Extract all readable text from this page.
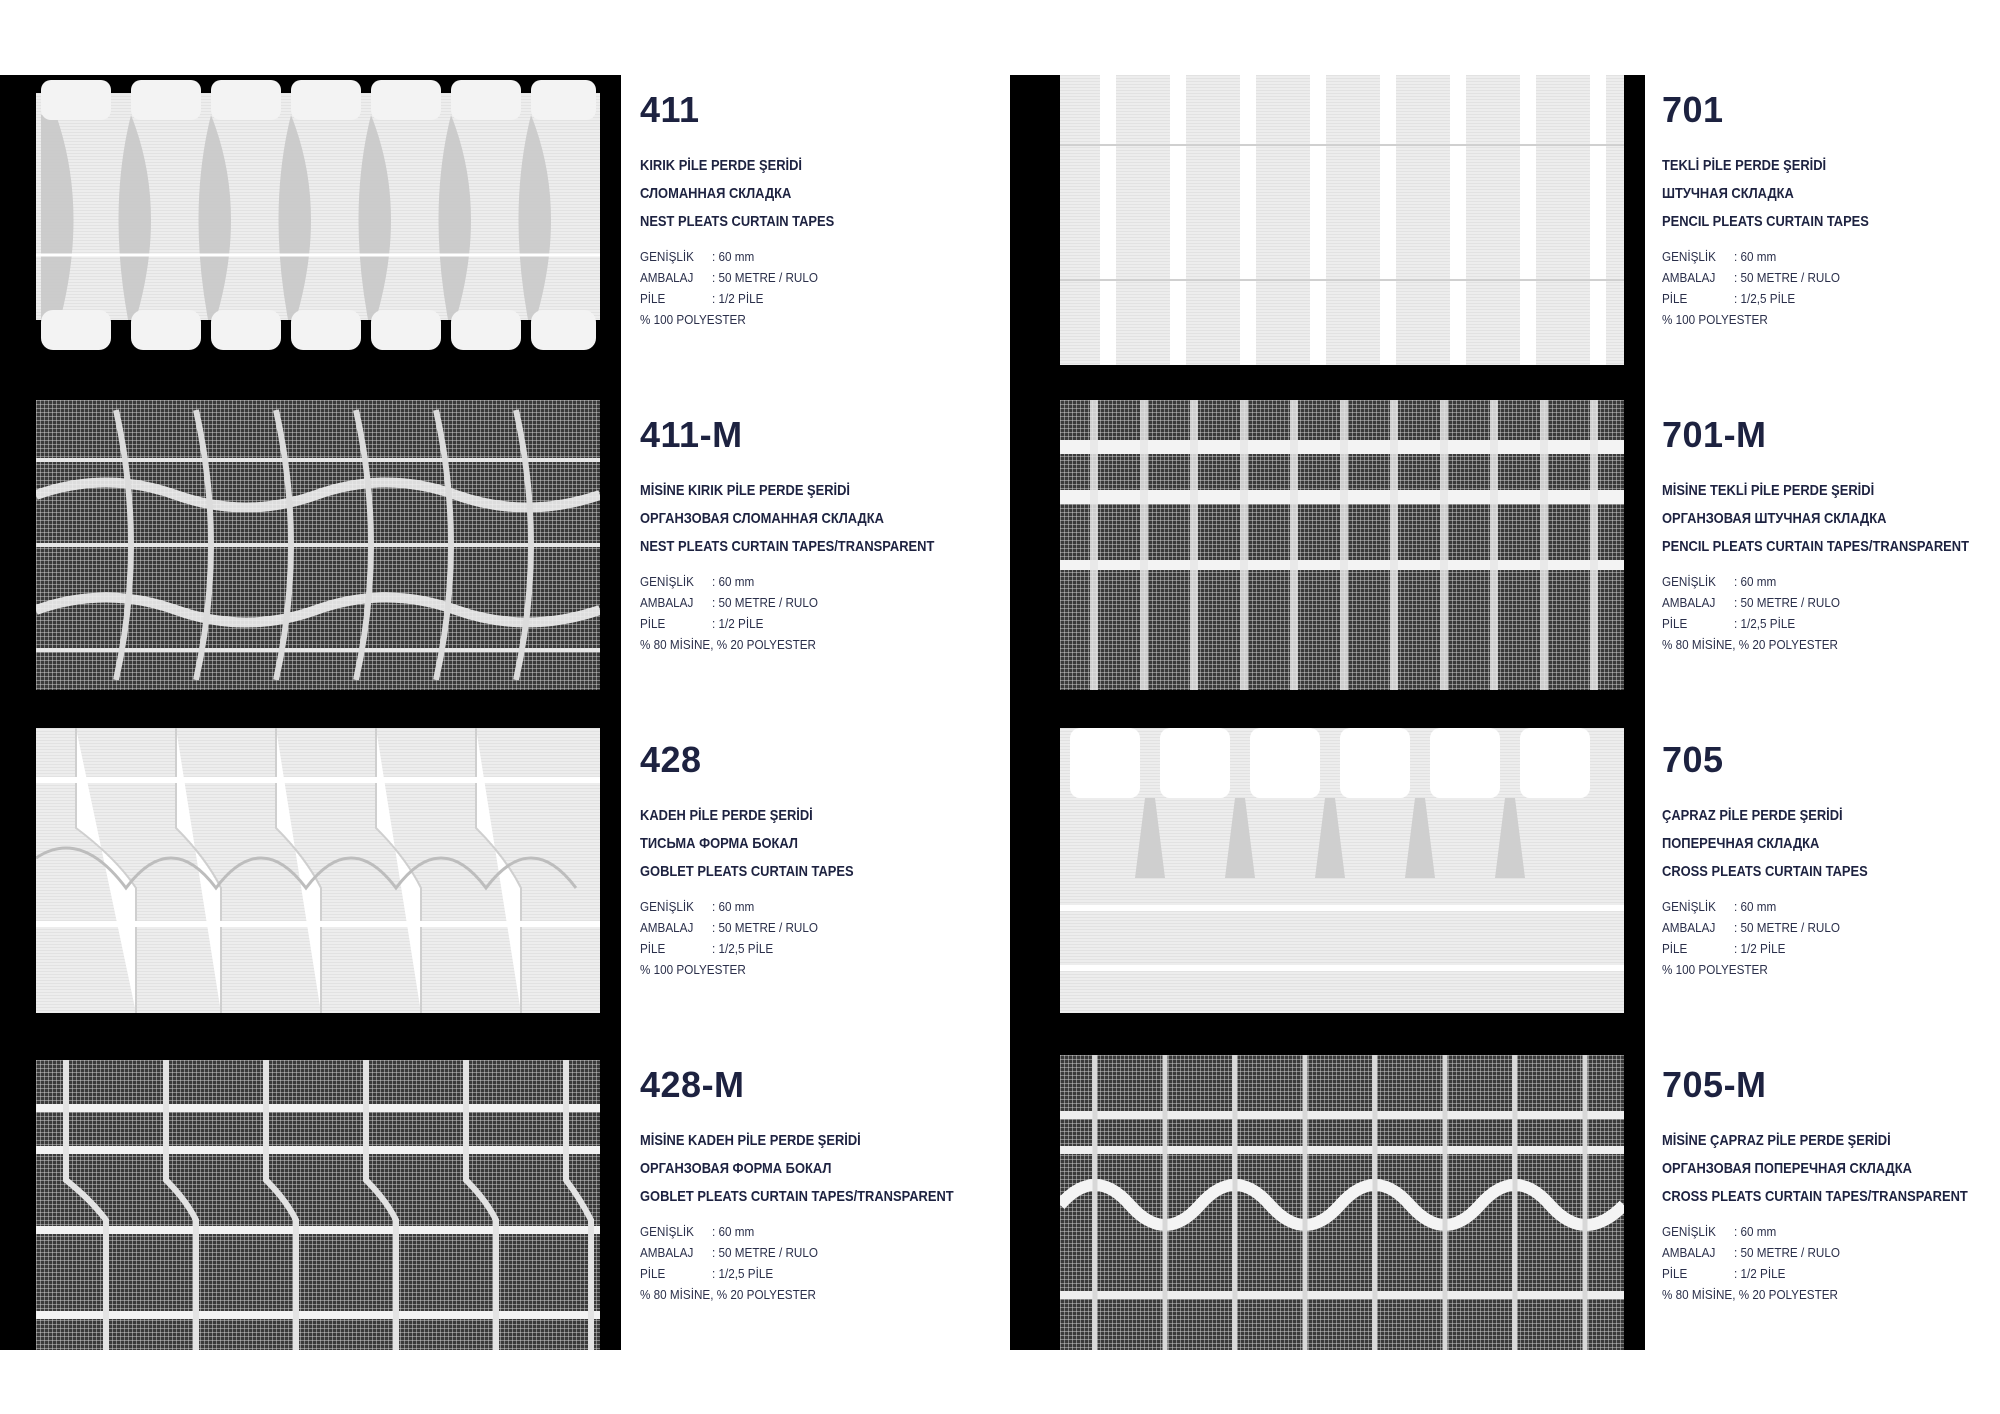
411
KIRIK PİLE PERDE ŞERİDİ
СЛОМАННАЯ СКЛАДКА
NEST PLEATS CURTAIN TAPES
GENİŞLİK	: 60 mm
AMBALAJ	: 50 METRE / RULO
PİLE	: 1/2 PİLE
% 100 POLYESTER
411-M
MİSİNE KIRIK PİLE PERDE ŞERİDİ
ОРГАНЗОВАЯ СЛОМАННАЯ СКЛАДКА
NEST PLEATS CURTAIN TAPES/TRANSPARENT
GENİŞLİK	: 60 mm
AMBALAJ	: 50 METRE / RULO
PİLE	: 1/2 PİLE
% 80 MİSİNE, % 20 POLYESTER
428
KADEH PİLE PERDE ŞERİDİ
ТИСЬМА ФОРМА БОКАЛ
GOBLET PLEATS CURTAIN TAPES
GENİŞLİK	: 60 mm
AMBALAJ	: 50 METRE / RULO
PİLE	: 1/2,5 PİLE
% 100 POLYESTER
428-M
MİSİNE KADEH PİLE PERDE ŞERİDİ
ОРГАНЗОВАЯ ФОРМА БОКАЛ
GOBLET PLEATS CURTAIN TAPES/TRANSPARENT
GENİŞLİK	: 60 mm
AMBALAJ	: 50 METRE / RULO
PİLE	: 1/2,5 PİLE
% 80 MİSİNE, % 20 POLYESTER
701
TEKLİ PİLE PERDE ŞERİDİ
ШТУЧНАЯ СКЛАДКА
PENCIL PLEATS CURTAIN TAPES
GENİŞLİK	: 60 mm
AMBALAJ	: 50 METRE / RULO
PİLE	: 1/2,5 PİLE
% 100 POLYESTER
701-M
MİSİNE TEKLİ PİLE PERDE ŞERİDİ
ОРГАНЗОВАЯ ШТУЧНАЯ СКЛАДКА
PENCIL PLEATS CURTAIN TAPES/TRANSPARENT
GENİŞLİK	: 60 mm
AMBALAJ	: 50 METRE / RULO
PİLE	: 1/2,5 PİLE
% 80 MİSİNE, % 20 POLYESTER
705
ÇAPRAZ PİLE PERDE ŞERİDİ
ПОПЕРЕЧНАЯ СКЛАДКА
CROSS PLEATS CURTAIN TAPES
GENİŞLİK	: 60 mm
AMBALAJ	: 50 METRE / RULO
PİLE	: 1/2 PİLE
% 100 POLYESTER
705-M
MİSİNE ÇAPRAZ PİLE PERDE ŞERİDİ
ОРГАНЗОВАЯ ПОПЕРЕЧНАЯ СКЛАДКА
CROSS PLEATS CURTAIN TAPES/TRANSPARENT
GENİŞLİK	: 60 mm
AMBALAJ	: 50 METRE / RULO
PİLE	: 1/2 PİLE
% 80 MİSİNE, % 20 POLYESTER
